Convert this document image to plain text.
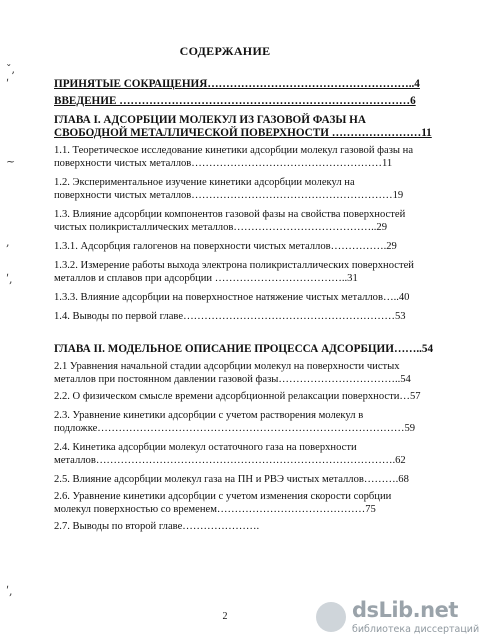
СОДЕРЖАНИЕ
ˇ,
ʹ
~
,
ʹ,
ʹ,
ПРИНЯТЫЕ СОКРАЩЕНИЯ………………………………………………..4
ВВЕДЕНИЕ ……………………………………………………………………6
ГЛАВА I. АДСОРБЦИИ МОЛЕКУЛ ИЗ ГАЗОВОЙ ФАЗЫ НА
СВОБОДНОЙ МЕТАЛЛИЧЕСКОЙ ПОВЕРХНОСТИ ……………………11
1.1. Теоретическое исследование кинетики адсорбции молекул газовой фазы на
поверхности чистых металлов………………………………………………11
1.2. Экспериментальное изучение кинетики адсорбции молекул на
поверхности чистых металлов…………………………………………………19
1.3. Влияние адсорбции компонентов газовой фазы на свойства поверхностей
чистых поликристаллических металлов…………………………………..29
1.3.1. Адсорбция галогенов на поверхности чистых металлов…………….29
1.3.2. Измерение работы выхода электрона поликристаллических поверхностей
металлов и сплавов при адсорбции ………………………………..31
1.3.3. Влияние адсорбции на поверхностное натяжение чистых металлов…..40
1.4. Выводы по первой главе……………………………………………………53
ГЛАВА II. МОДЕЛЬНОЕ ОПИСАНИЕ ПРОЦЕССА АДСОРБЦИИ……..54
2.1 Уравнения начальной стадии адсорбции молекул на поверхности чистых
металлов при постоянном давлении газовой фазы……………………………..54
2.2. О физическом смысле времени адсорбционной релаксации поверхности…57
2.3. Уравнение кинетики адсорбции с учетом растворения молекул в
подложке……………………………………………………………………………59
2.4. Кинетика адсорбции молекул остаточного газа на поверхности
металлов………………………………………………………………………….62
2.5. Влияние адсорбции молекул газа на ПН и РВЭ чистых металлов……….68
2.6. Уравнение кинетики адсорбции с учетом изменения скорости сорбции
молекул поверхностью со временем……………………………………75
2.7. Выводы по второй главе………………….
2	dsLib.net
библиотека диссертаций
